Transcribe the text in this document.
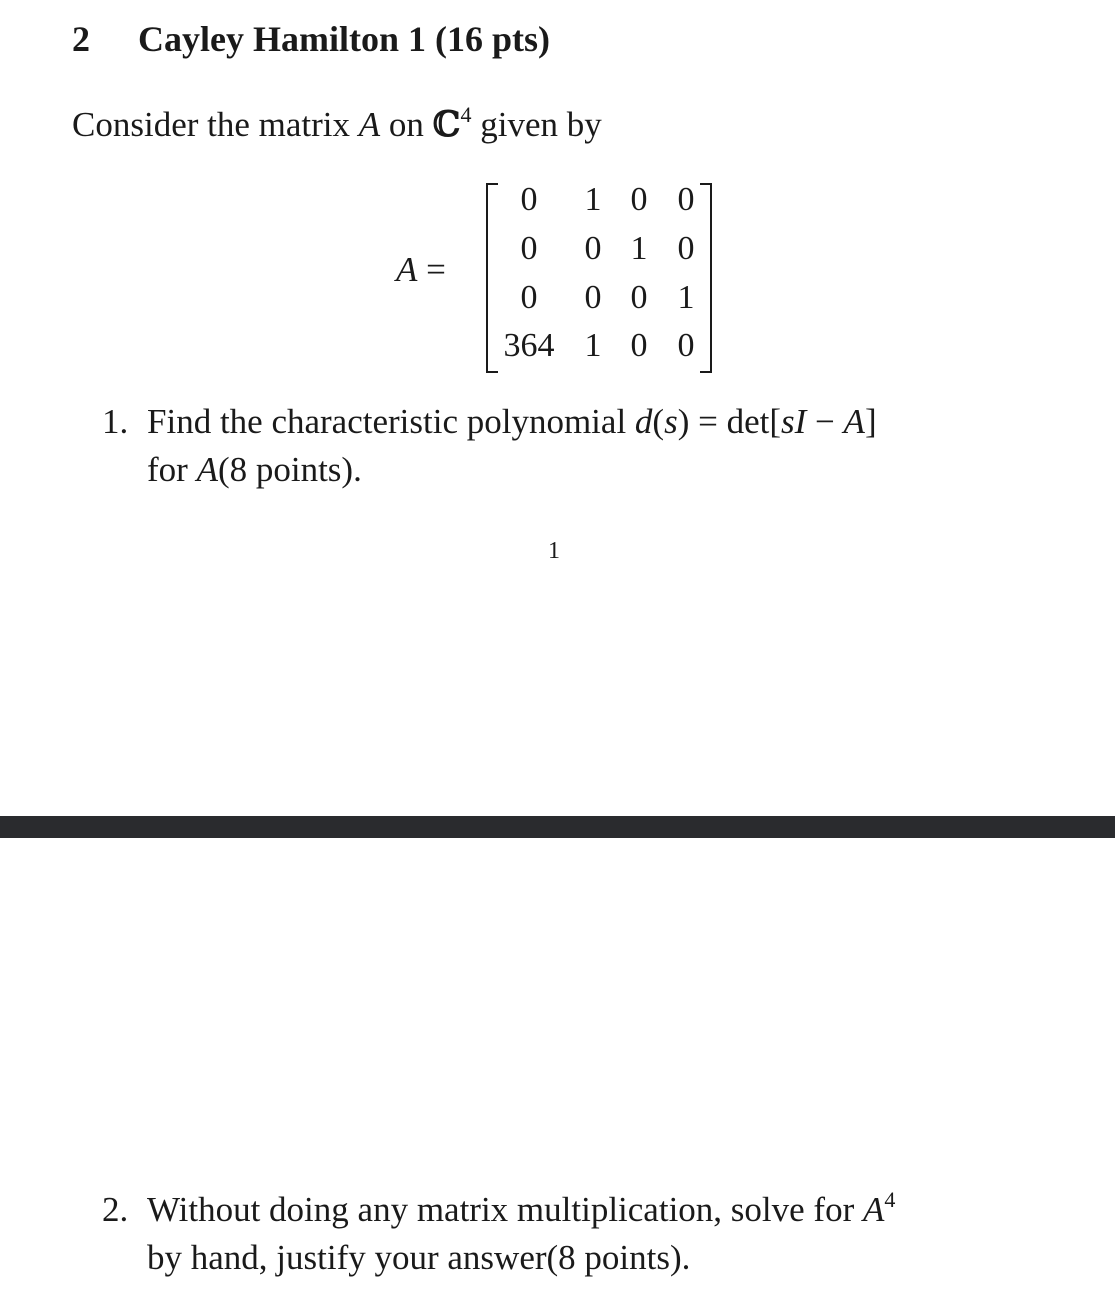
2 Cayley Hamilton 1 (16 pts)
Consider the matrix A on ℂ$^4$ given by
A =
0	1 0 0
0	0 1 0
0	0 0 1
364 1 0 0
1. Find the characteristic polynomial d(s) = det[sI − A]
for A(8 points).
1
2. Without doing any matrix multiplication, solve for $A^4$
by hand, justify your answer(8 points).
